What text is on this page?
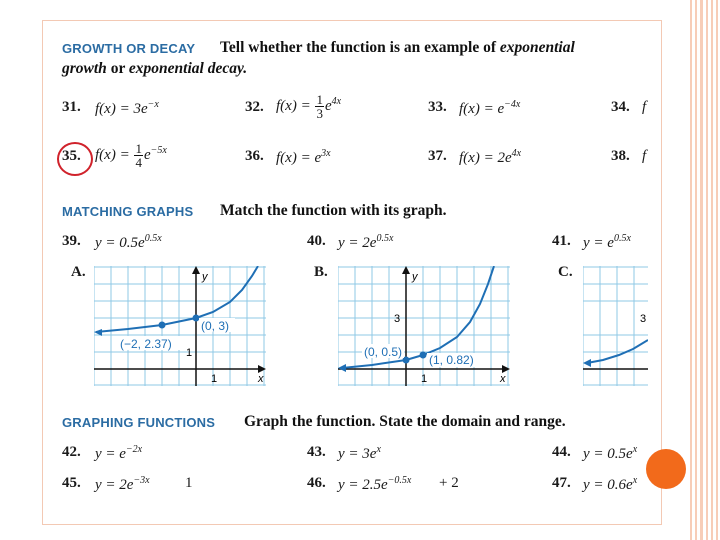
GROWTH OR DECAY Tell whether the function is an example of exponential
growth or exponential decay.
31. $f(x) = 3e^{-x}$	32. $f(x) = \frac{1}{3} e^{4x}$	33. $f(x) = e^{-4x}$	34. f
35. $f(x) = \frac{1}{4} e^{-5x}$	36. $f(x) = e^{3x}$	37. $f(x) = 2e^{4x}$	38. f
MATCHING GRAPHS Match the function with its graph.
39. $y = 0.5e^{0.5x}$	40. $y = 2e^{0.5x}$	41. $y = e^{0.5x}$
A.	B.	C.
y
x
1
1
(0, 3)
(−2, 2.37)
y
x
3
1
(0, 0.5)
(1, 0.82)
3
GRAPHING FUNCTIONS Graph the function. State the domain and range.
42. $y = e^{-2x}$	43. $y = 3e^x$	44. $y = 0.5e^x$
45. $y = 2e^{-3x}$ 1	46. $y = 2.5e^{-0.5x} + 2$	47. $y = 0.6e^x$
